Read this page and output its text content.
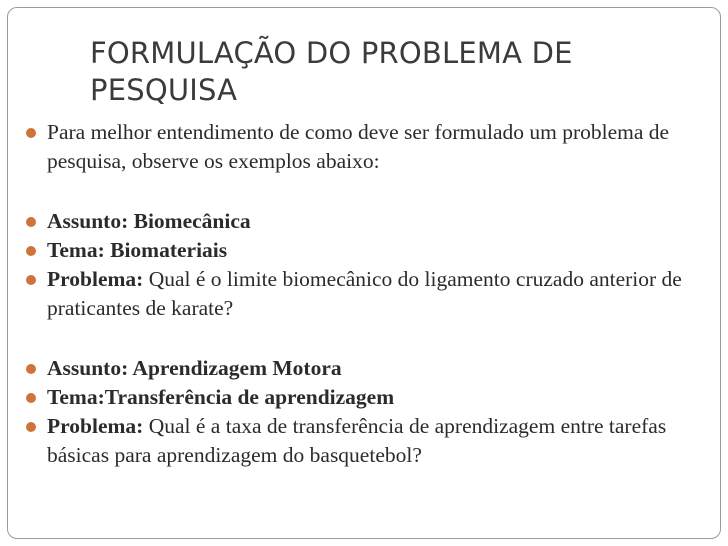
FORMULAÇÃO DO PROBLEMA DE
PESQUISA
Para melhor entendimento de como deve ser formulado um problema de pesquisa, observe os exemplos abaixo:
Assunto: Biomecânica
Tema: Biomateriais
Problema: Qual é o limite biomecânico do ligamento cruzado anterior de praticantes de karate?
Assunto: Aprendizagem Motora
Tema:Transferência de aprendizagem
Problema: Qual é a taxa de transferência de aprendizagem entre tarefas básicas para aprendizagem do basquetebol?
